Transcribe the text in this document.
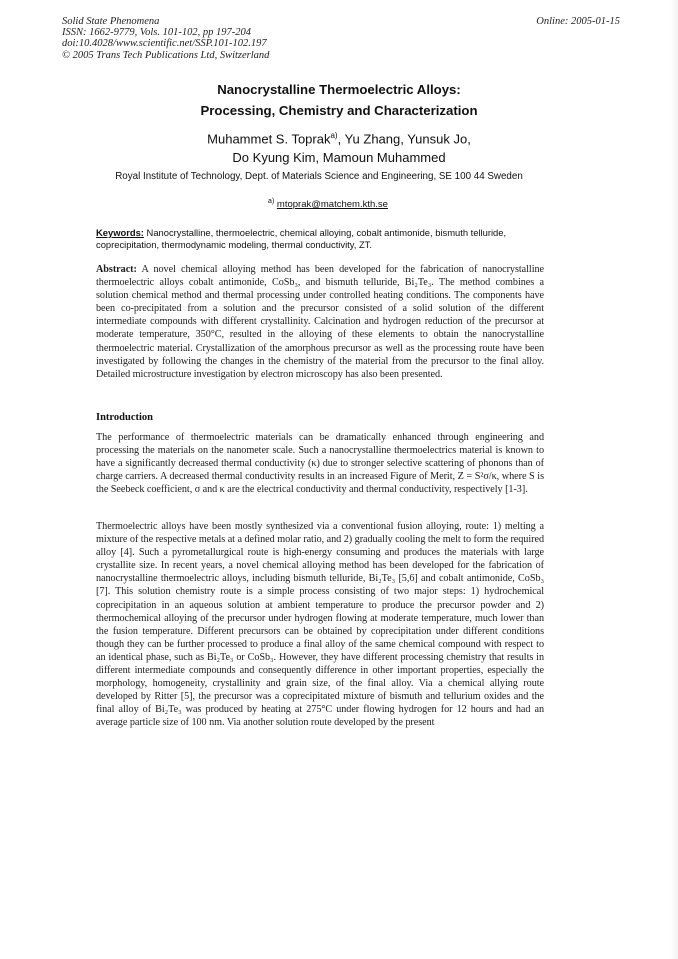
Solid State Phenomena
ISSN: 1662-9779, Vols. 101-102, pp 197-204
doi:10.4028/www.scientific.net/SSP.101-102.197
© 2005 Trans Tech Publications Ltd, Switzerland
Online: 2005-01-15
Nanocrystalline Thermoelectric Alloys:
Processing, Chemistry and Characterization
Muhammet S. Toprak$^{a)}$, Yu Zhang, Yunsuk Jo,
Do Kyung Kim, Mamoun Muhammed
Royal Institute of Technology, Dept. of Materials Science and Engineering, SE 100 44 Sweden
$^{a)}$ mtoprak@matchem.kth.se
Keywords: Nanocrystalline, thermoelectric, chemical alloying, cobalt antimonide, bismuth telluride, coprecipitation, thermodynamic modeling, thermal conductivity, ZT.
Abstract: A novel chemical alloying method has been developed for the fabrication of nanocrystalline thermoelectric alloys cobalt antimonide, CoSb₃, and bismuth telluride, Bi₂Te₃. The method combines a solution chemical method and thermal processing under controlled heating conditions. The components have been co-precipitated from a solution and the precursor consisted of a solid solution of the different intermediate compounds with different crystallinity. Calcination and hydrogen reduction of the precursor at moderate temperature, 350°C, resulted in the alloying of these elements to obtain the nanocrystalline thermoelectric material. Crystallization of the amorphous precursor as well as the processing route have been investigated by following the changes in the chemistry of the material from the precursor to the final alloy. Detailed microstructure investigation by electron microscopy has also been presented.
Introduction
The performance of thermoelectric materials can be dramatically enhanced through engineering and processing the materials on the nanometer scale. Such a nanocrystalline thermoelectrics material is known to have a significantly decreased thermal conductivity (κ) due to stronger selective scattering of phonons than of charge carriers. A decreased thermal conductivity results in an increased Figure of Merit, Z = S²σ/κ, where S is the Seebeck coefficient, σ and κ are the electrical conductivity and thermal conductivity, respectively [1-3].
Thermoelectric alloys have been mostly synthesized via a conventional fusion alloying, route: 1) melting a mixture of the respective metals at a defined molar ratio, and 2) gradually cooling the melt to form the required alloy [4]. Such a pyrometallurgical route is high-energy consuming and produces the materials with large crystallite size. In recent years, a novel chemical alloying method has been developed for the fabrication of nanocrystalline thermoelectric alloys, including bismuth telluride, Bi₂Te₃ [5,6] and cobalt antimonide, CoSb₃ [7]. This solution chemistry route is a simple process consisting of two major steps: 1) hydrochemical coprecipitation in an aqueous solution at ambient temperature to produce the precursor powder and 2) thermochemical alloying of the precursor under hydrogen flowing at moderate temperature, much lower than the fusion temperature. Different precursors can be obtained by coprecipitation under different conditions though they can be further processed to produce a final alloy of the same chemical compound with respect to an identical phase, such as Bi₂Te₃ or CoSb₃. However, they have different processing chemistry that results in different intermediate compounds and consequently difference in other important properties, especially the morphology, homogeneity, crystallinity and grain size, of the final alloy. Via a chemical allying route developed by Ritter [5], the precursor was a coprecipitated mixture of bismuth and tellurium oxides and the final alloy of Bi₂Te₃ was produced by heating at 275°C under flowing hydrogen for 12 hours and had an average particle size of 100 nm. Via another solution route developed by the present
